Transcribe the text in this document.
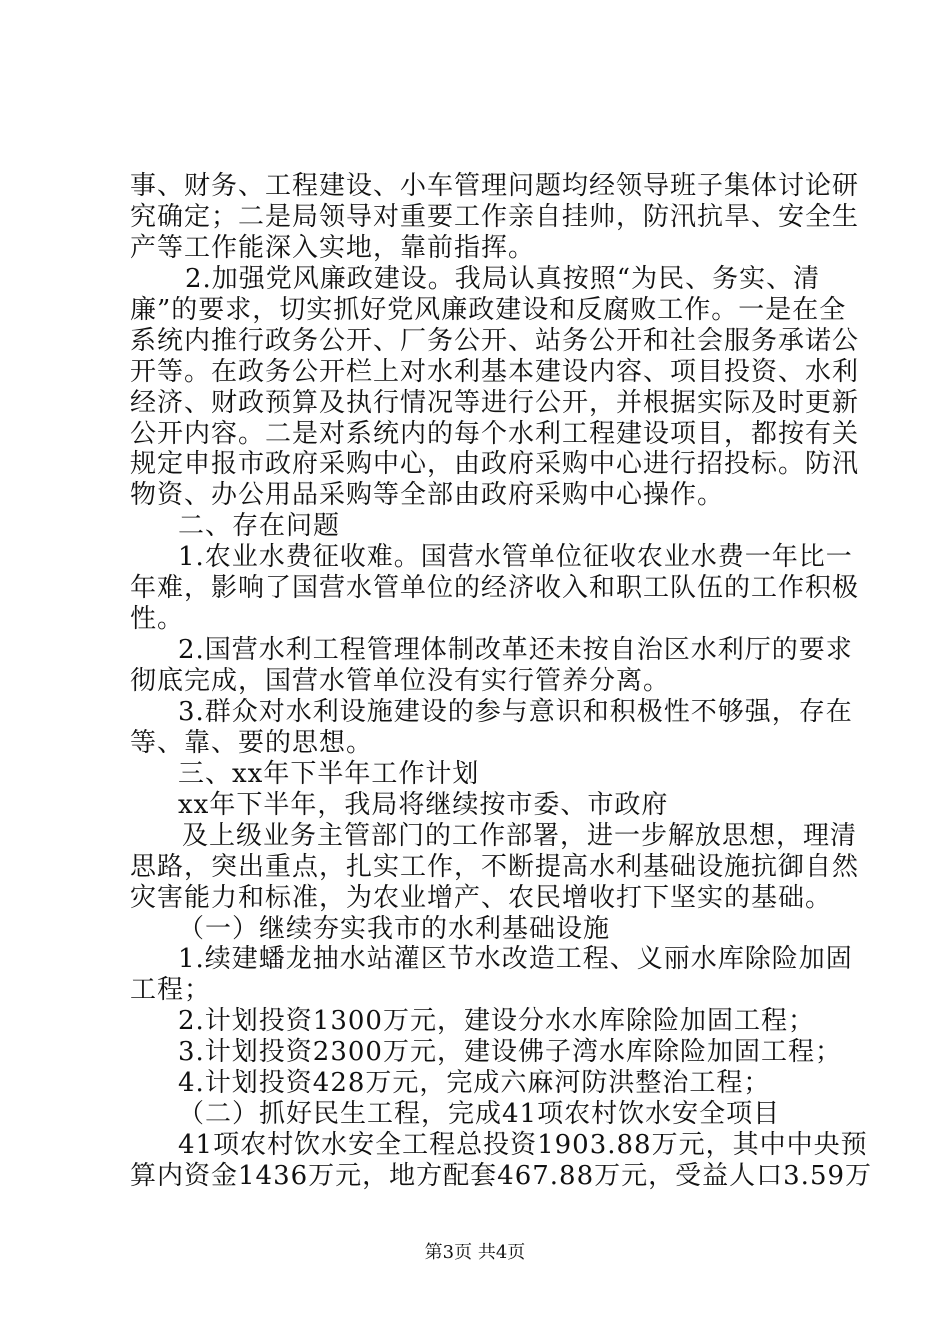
事、财务、工程建设、小车管理问题均经领导班子集体讨论研
究确定；二是局领导对重要工作亲自挂帅，防汛抗旱、安全生
产等工作能深入实地，靠前指挥。
2.加强党风廉政建设。我局认真按照“为民、务实、清
廉”的要求，切实抓好党风廉政建设和反腐败工作。一是在全
系统内推行政务公开、厂务公开、站务公开和社会服务承诺公
开等。在政务公开栏上对水利基本建设内容、项目投资、水利
经济、财政预算及执行情况等进行公开，并根据实际及时更新
公开内容。二是对系统内的每个水利工程建设项目，都按有关
规定申报市政府采购中心，由政府采购中心进行招投标。防汛
物资、办公用品采购等全部由政府采购中心操作。
二、存在问题
1.农业水费征收难。国营水管单位征收农业水费一年比一
年难，影响了国营水管单位的经济收入和职工队伍的工作积极
性。
2.国营水利工程管理体制改革还未按自治区水利厅的要求
彻底完成，国营水管单位没有实行管养分离。
3.群众对水利设施建设的参与意识和积极性不够强，存在
等、靠、要的思想。
三、xx年下半年工作计划
xx年下半年，我局将继续按市委、市政府
及上级业务主管部门的工作部署，进一步解放思想，理清
思路，突出重点，扎实工作，不断提高水利基础设施抗御自然
灾害能力和标准，为农业增产、农民增收打下坚实的基础。
（一）继续夯实我市的水利基础设施
1.续建蟠龙抽水站灌区节水改造工程、义丽水库除险加固
工程；
2.计划投资1300万元，建设分水水库除险加固工程；
3.计划投资2300万元，建设佛子湾水库除险加固工程；
4.计划投资428万元，完成六麻河防洪整治工程；
（二）抓好民生工程，完成41项农村饮水安全项目
41项农村饮水安全工程总投资1903.88万元，其中中央预
算内资金1436万元，地方配套467.88万元，受益人口3.59万
第3页 共4页
